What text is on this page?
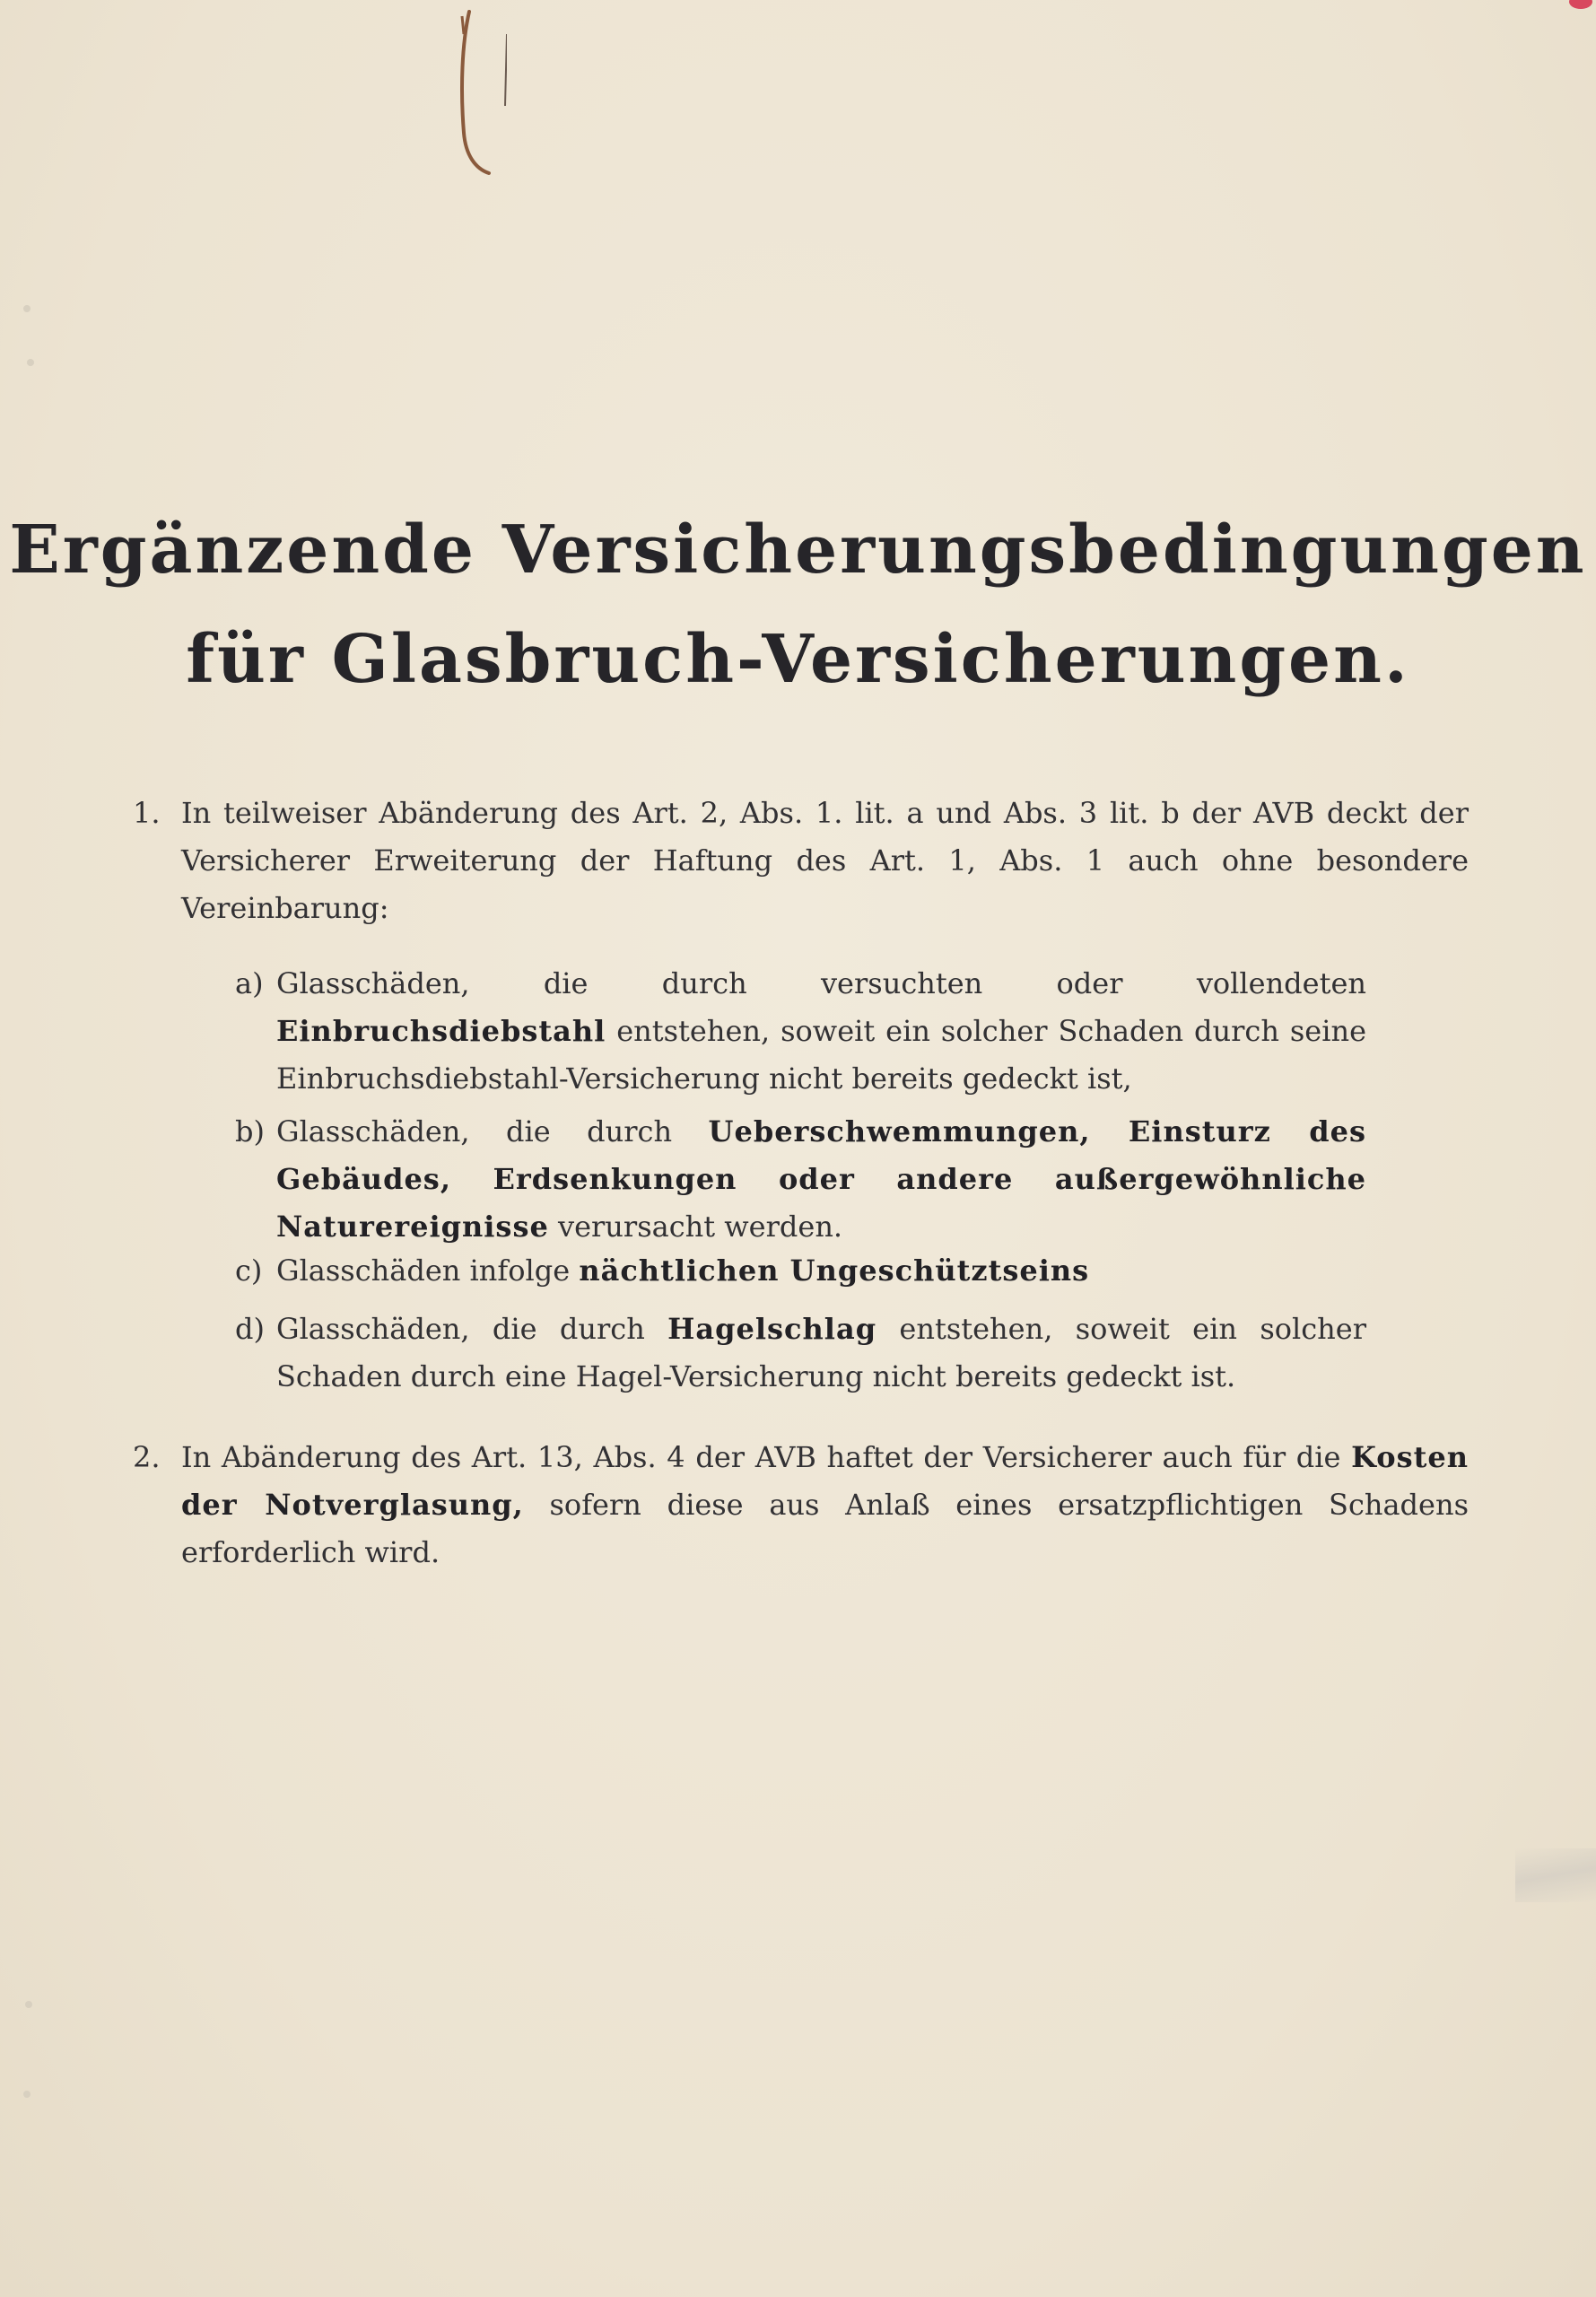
Ergänzende Versicherungsbedingungen
für Glasbruch-Versicherungen.
1. In teilweiser Abänderung des Art. 2, Abs. 1. lit. a und Abs. 3 lit. b der AVB deckt der Versicherer Erweiterung der Haftung des Art. 1, Abs. 1 auch ohne besondere Vereinbarung:
a) Glasschäden, die durch versuchten oder vollendeten Einbruchsdiebstahl entstehen, soweit ein solcher Schaden durch seine Einbruchsdiebstahl-Versicherung nicht bereits gedeckt ist,
b) Glasschäden, die durch Ueberschwemmungen, Einsturz des Gebäudes, Erdsenkungen oder andere außergewöhnliche Naturereignisse verursacht werden.
c) Glasschäden infolge nächtlichen Ungeschütztseins
d) Glasschäden, die durch Hagelschlag entstehen, soweit ein solcher Schaden durch eine Hagel-Versicherung nicht bereits gedeckt ist.
2. In Abänderung des Art. 13, Abs. 4 der AVB haftet der Versicherer auch für die Kosten der Notverglasung, sofern diese aus Anlaß eines ersatzpflichtigen Schadens erforderlich wird.
